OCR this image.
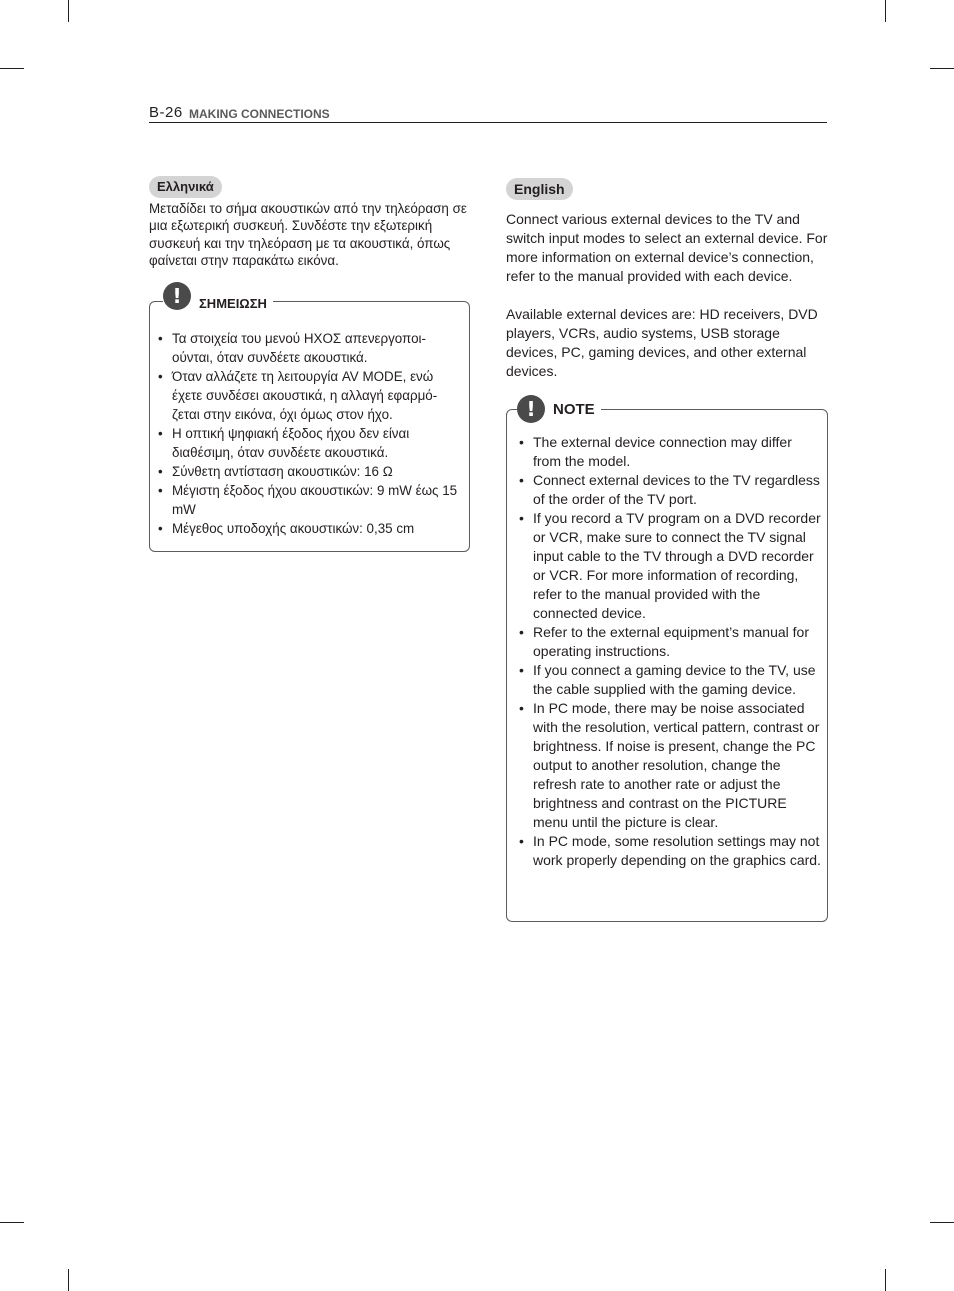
B-26 MAKING CONNECTIONS
Ελληνικά

Μεταδίδει το σήμα ακουστικών από την τηλεόραση σε μια εξωτερική συσκευή. Συνδέστε την εξωτερική συσκευή και την τηλεόραση με τα ακουστικά, όπως φαίνεται στην παρακάτω εικόνα.

!	ΣΗΜΕΙΩΣΗ
• Τα στοιχεία του μενού ΗΧΟΣ απενεργοποι-ούνται, όταν συνδέετε ακουστικά.
• Όταν αλλάζετε τη λειτουργία AV MODE, ενώ έχετε συνδέσει ακουστικά, η αλλαγή εφαρμό-ζεται στην εικόνα, όχι όμως στον ήχο.
• Η οπτική ψηφιακή έξοδος ήχου δεν είναι διαθέσιμη, όταν συνδέετε ακουστικά.
• Σύνθετη αντίσταση ακουστικών: 16 Ω
• Μέγιστη έξοδος ήχου ακουστικών: 9 mW έως 15 mW
• Μέγεθος υποδοχής ακουστικών: 0,35 cm
English

Connect various external devices to the TV and switch input modes to select an external device. For more information on external device’s connection, refer to the manual provided with each device.

Available external devices are: HD receivers, DVD players, VCRs, audio systems, USB storage devices, PC, gaming devices, and other external devices.

!	NOTE
• The external device connection may differ from the model.
• Connect external devices to the TV regardless of the order of the TV port.
• If you record a TV program on a DVD recorder or VCR, make sure to connect the TV signal input cable to the TV through a DVD recorder or VCR. For more information of recording, refer to the manual provided with the connected device.
• Refer to the external equipment’s manual for operating instructions.
• If you connect a gaming device to the TV, use the cable supplied with the gaming device.
• In PC mode, there may be noise associated with the resolution, vertical pattern, contrast or brightness. If noise is present, change the PC output to another resolution, change the refresh rate to another rate or adjust the brightness and contrast on the PICTURE menu until the picture is clear.
• In PC mode, some resolution settings may not work properly depending on the graphics card.
